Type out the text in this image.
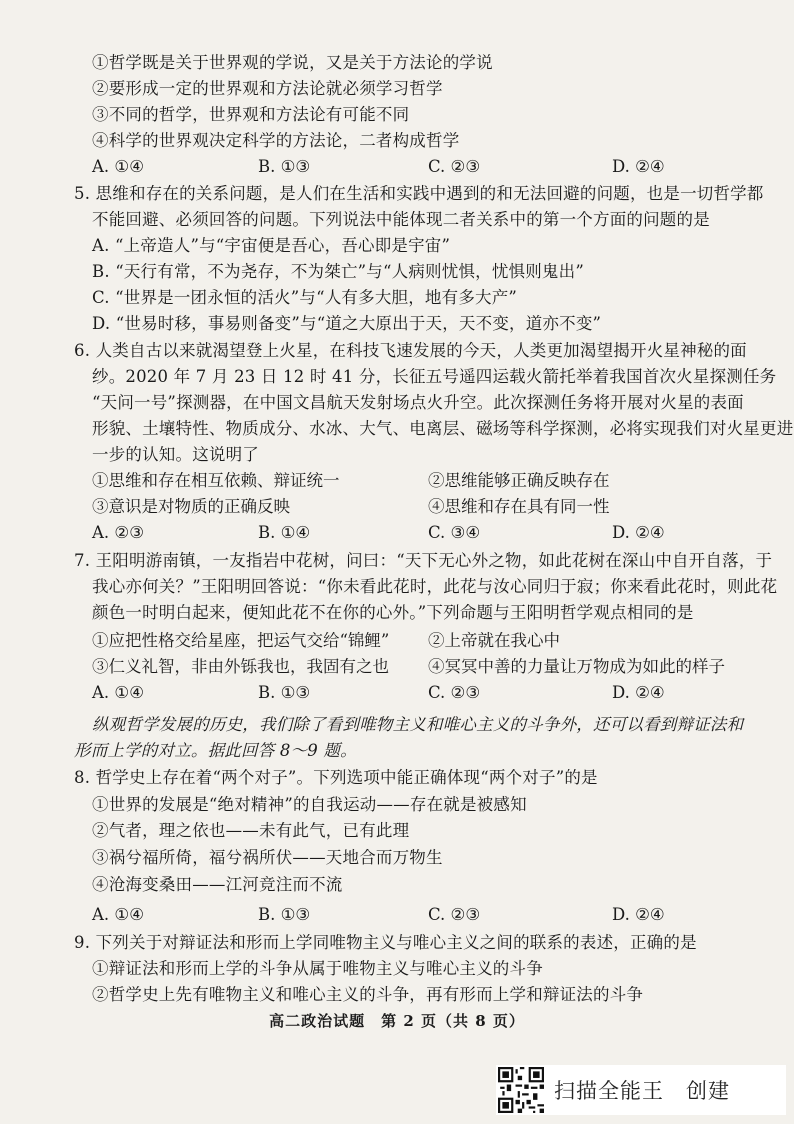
①哲学既是关于世界观的学说，又是关于方法论的学说
②要形成一定的世界观和方法论就必须学习哲学
③不同的哲学，世界观和方法论有可能不同
④科学的世界观决定科学的方法论，二者构成哲学
A. ①④	B. ①③	C. ②③	D. ②④
5. 思维和存在的关系问题，是人们在生活和实践中遇到的和无法回避的问题，也是一切哲学都
不能回避、必须回答的问题。下列说法中能体现二者关系中的第一个方面的问题的是
A. “上帝造人”与“宇宙便是吾心，吾心即是宇宙”
B. “天行有常，不为尧存，不为桀亡”与“人病则忧惧，忧惧则鬼出”
C. “世界是一团永恒的活火”与“人有多大胆，地有多大产”
D. “世易时移，事易则备变”与“道之大原出于天，天不变，道亦不变”
6. 人类自古以来就渴望登上火星，在科技飞速发展的今天，人类更加渴望揭开火星神秘的面
纱。2020 年 7 月 23 日 12 时 41 分，长征五号遥四运载火箭托举着我国首次火星探测任务
“天问一号”探测器，在中国文昌航天发射场点火升空。此次探测任务将开展对火星的表面
形貌、土壤特性、物质成分、水冰、大气、电离层、磁场等科学探测，必将实现我们对火星更进
一步的认知。这说明了
①思维和存在相互依赖、辩证统一	②思维能够正确反映存在
③意识是对物质的正确反映	④思维和存在具有同一性
A. ②③	B. ①④	C. ③④	D. ②④
7. 王阳明游南镇，一友指岩中花树，问曰：“天下无心外之物，如此花树在深山中自开自落，于
我心亦何关？”王阳明回答说：“你未看此花时，此花与汝心同归于寂；你来看此花时，则此花
颜色一时明白起来，便知此花不在你的心外。”下列命题与王阳明哲学观点相同的是
①应把性格交给星座，把运气交给“锦鲤” ②上帝就在我心中
③仁义礼智，非由外铄我也，我固有之也 ④冥冥中善的力量让万物成为如此的样子
A. ①④	B. ①③	C. ②③	D. ②④
纵观哲学发展的历史，我们除了看到唯物主义和唯心主义的斗争外，还可以看到辩证法和
形而上学的对立。据此回答 8～9 题。
8. 哲学史上存在着“两个对子”。下列选项中能正确体现“两个对子”的是
①世界的发展是“绝对精神”的自我运动——存在就是被感知
②气者，理之依也——未有此气，已有此理
③祸兮福所倚，福兮祸所伏——天地合而万物生
④沧海变桑田——江河竞注而不流
A. ①④	B. ①③	C. ②③	D. ②④
9. 下列关于对辩证法和形而上学同唯物主义与唯心主义之间的联系的表述，正确的是
①辩证法和形而上学的斗争从属于唯物主义与唯心主义的斗争
②哲学史上先有唯物主义和唯心主义的斗争，再有形而上学和辩证法的斗争
高二政治试题　第 2 页（共 8 页）
扫描全能王　创建
